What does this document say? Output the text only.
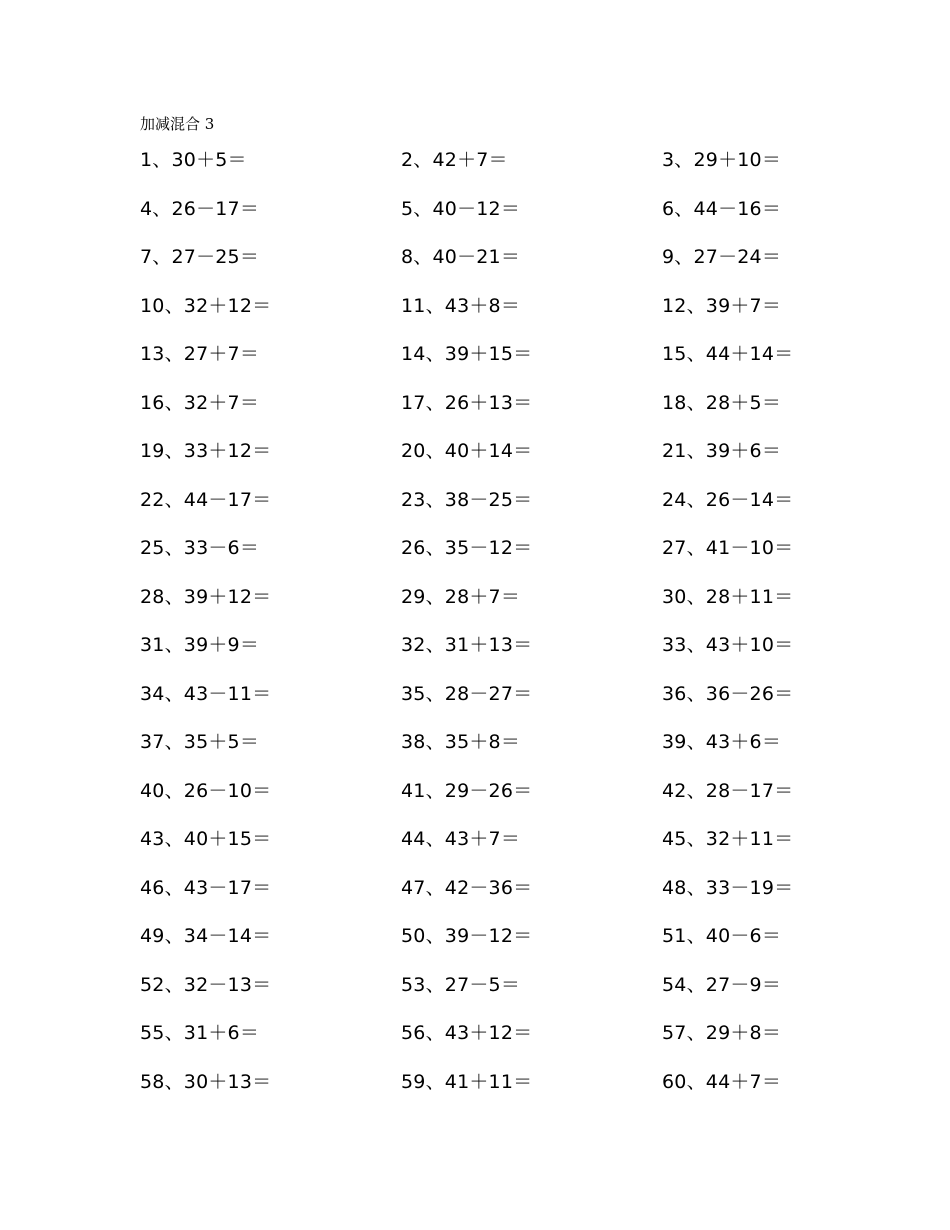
加减混合 3
1、30＋5＝	2、42＋7＝	3、29＋10＝
4、26－17＝	5、40－12＝	6、44－16＝
7、27－25＝	8、40－21＝	9、27－24＝
10、32＋12＝	11、43＋8＝	12、39＋7＝
13、27＋7＝	14、39＋15＝	15、44＋14＝
16、32＋7＝	17、26＋13＝	18、28＋5＝
19、33＋12＝	20、40＋14＝	21、39＋6＝
22、44－17＝	23、38－25＝	24、26－14＝
25、33－6＝	26、35－12＝	27、41－10＝
28、39＋12＝	29、28＋7＝	30、28＋11＝
31、39＋9＝	32、31＋13＝	33、43＋10＝
34、43－11＝	35、28－27＝	36、36－26＝
37、35＋5＝	38、35＋8＝	39、43＋6＝
40、26－10＝	41、29－26＝	42、28－17＝
43、40＋15＝	44、43＋7＝	45、32＋11＝
46、43－17＝	47、42－36＝	48、33－19＝
49、34－14＝	50、39－12＝	51、40－6＝
52、32－13＝	53、27－5＝	54、27－9＝
55、31＋6＝	56、43＋12＝	57、29＋8＝
58、30＋13＝	59、41＋11＝	60、44＋7＝
